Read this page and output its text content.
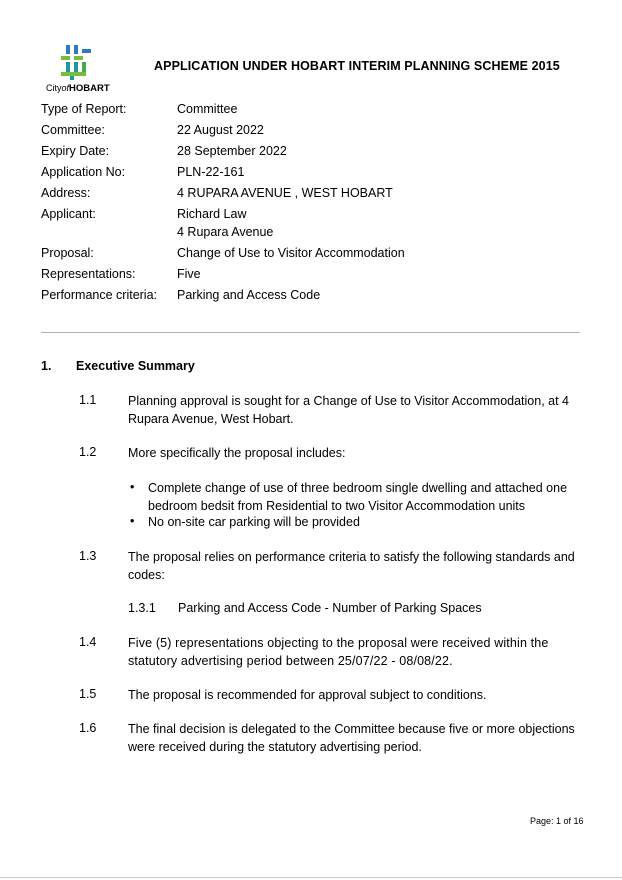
CityofHOBART
APPLICATION UNDER HOBART INTERIM PLANNING SCHEME 2015
Type of Report:	Committee
Committee:	22 August 2022
Expiry Date:	28 September 2022
Application No:	PLN-22-161
Address:	4 RUPARA AVENUE , WEST HOBART
Applicant:	Richard Law
4 Rupara Avenue
Proposal:	Change of Use to Visitor Accommodation
Representations:	Five
Performance criteria: Parking and Access Code
1. Executive Summary
1.1	Planning approval is sought for a Change of Use to Visitor Accommodation, at 4 Rupara Avenue, West Hobart.
1.2	More specifically the proposal includes:
• Complete change of use of three bedroom single dwelling and attached one bedroom bedsit from Residential to two Visitor Accommodation units
• No on-site car parking will be provided
1.3	The proposal relies on performance criteria to satisfy the following standards and codes:
1.3.1 Parking and Access Code - Number of Parking Spaces
1.4	Five (5) representations objecting to the proposal were received within the statutory advertising period between 25/07/22 - 08/08/22.
1.5	The proposal is recommended for approval subject to conditions.
1.6	The final decision is delegated to the Committee because five or more objections were received during the statutory advertising period.
Page: 1 of 16
